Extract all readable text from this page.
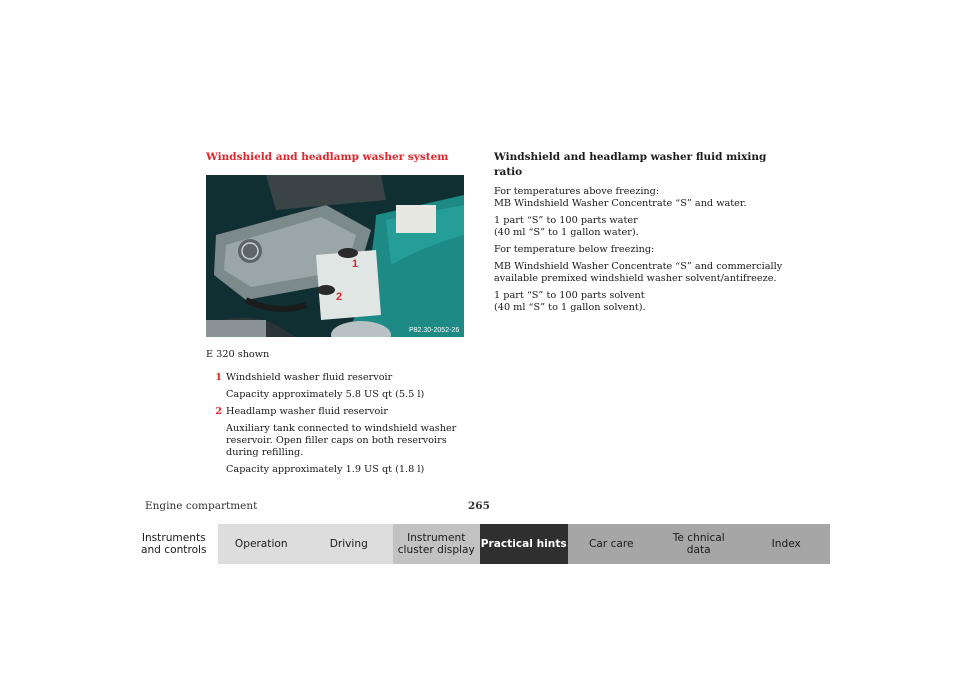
Windshield and headlamp washer system

1
2
P82.30-2052-26
E 320 shown
1 Windshield washer fluid reservoir
Capacity approximately 5.8 US qt (5.5 l)
2 Headlamp washer fluid reservoir
Auxiliary tank connected to windshield washer reservoir. Open filler caps on both reservoirs during refilling.
Capacity approximately 1.9 US qt (1.8 l)

Windshield and headlamp washer fluid mixing ratio

For temperatures above freezing:
MB Windshield Washer Concentrate “S” and water.

1 part “S” to 100 parts water
(40 ml “S” to 1 gallon water).

For temperature below freezing:

MB Windshield Washer Concentrate “S” and commercially available premixed windshield washer solvent/antifreeze.

1 part “S” to 100 parts solvent
(40 ml “S” to 1 gallon solvent).

Engine compartment	265
Instruments
and controls	Operation	Driving	Instrument
cluster display Practical hints	Car care	Te chnical
data	Index
